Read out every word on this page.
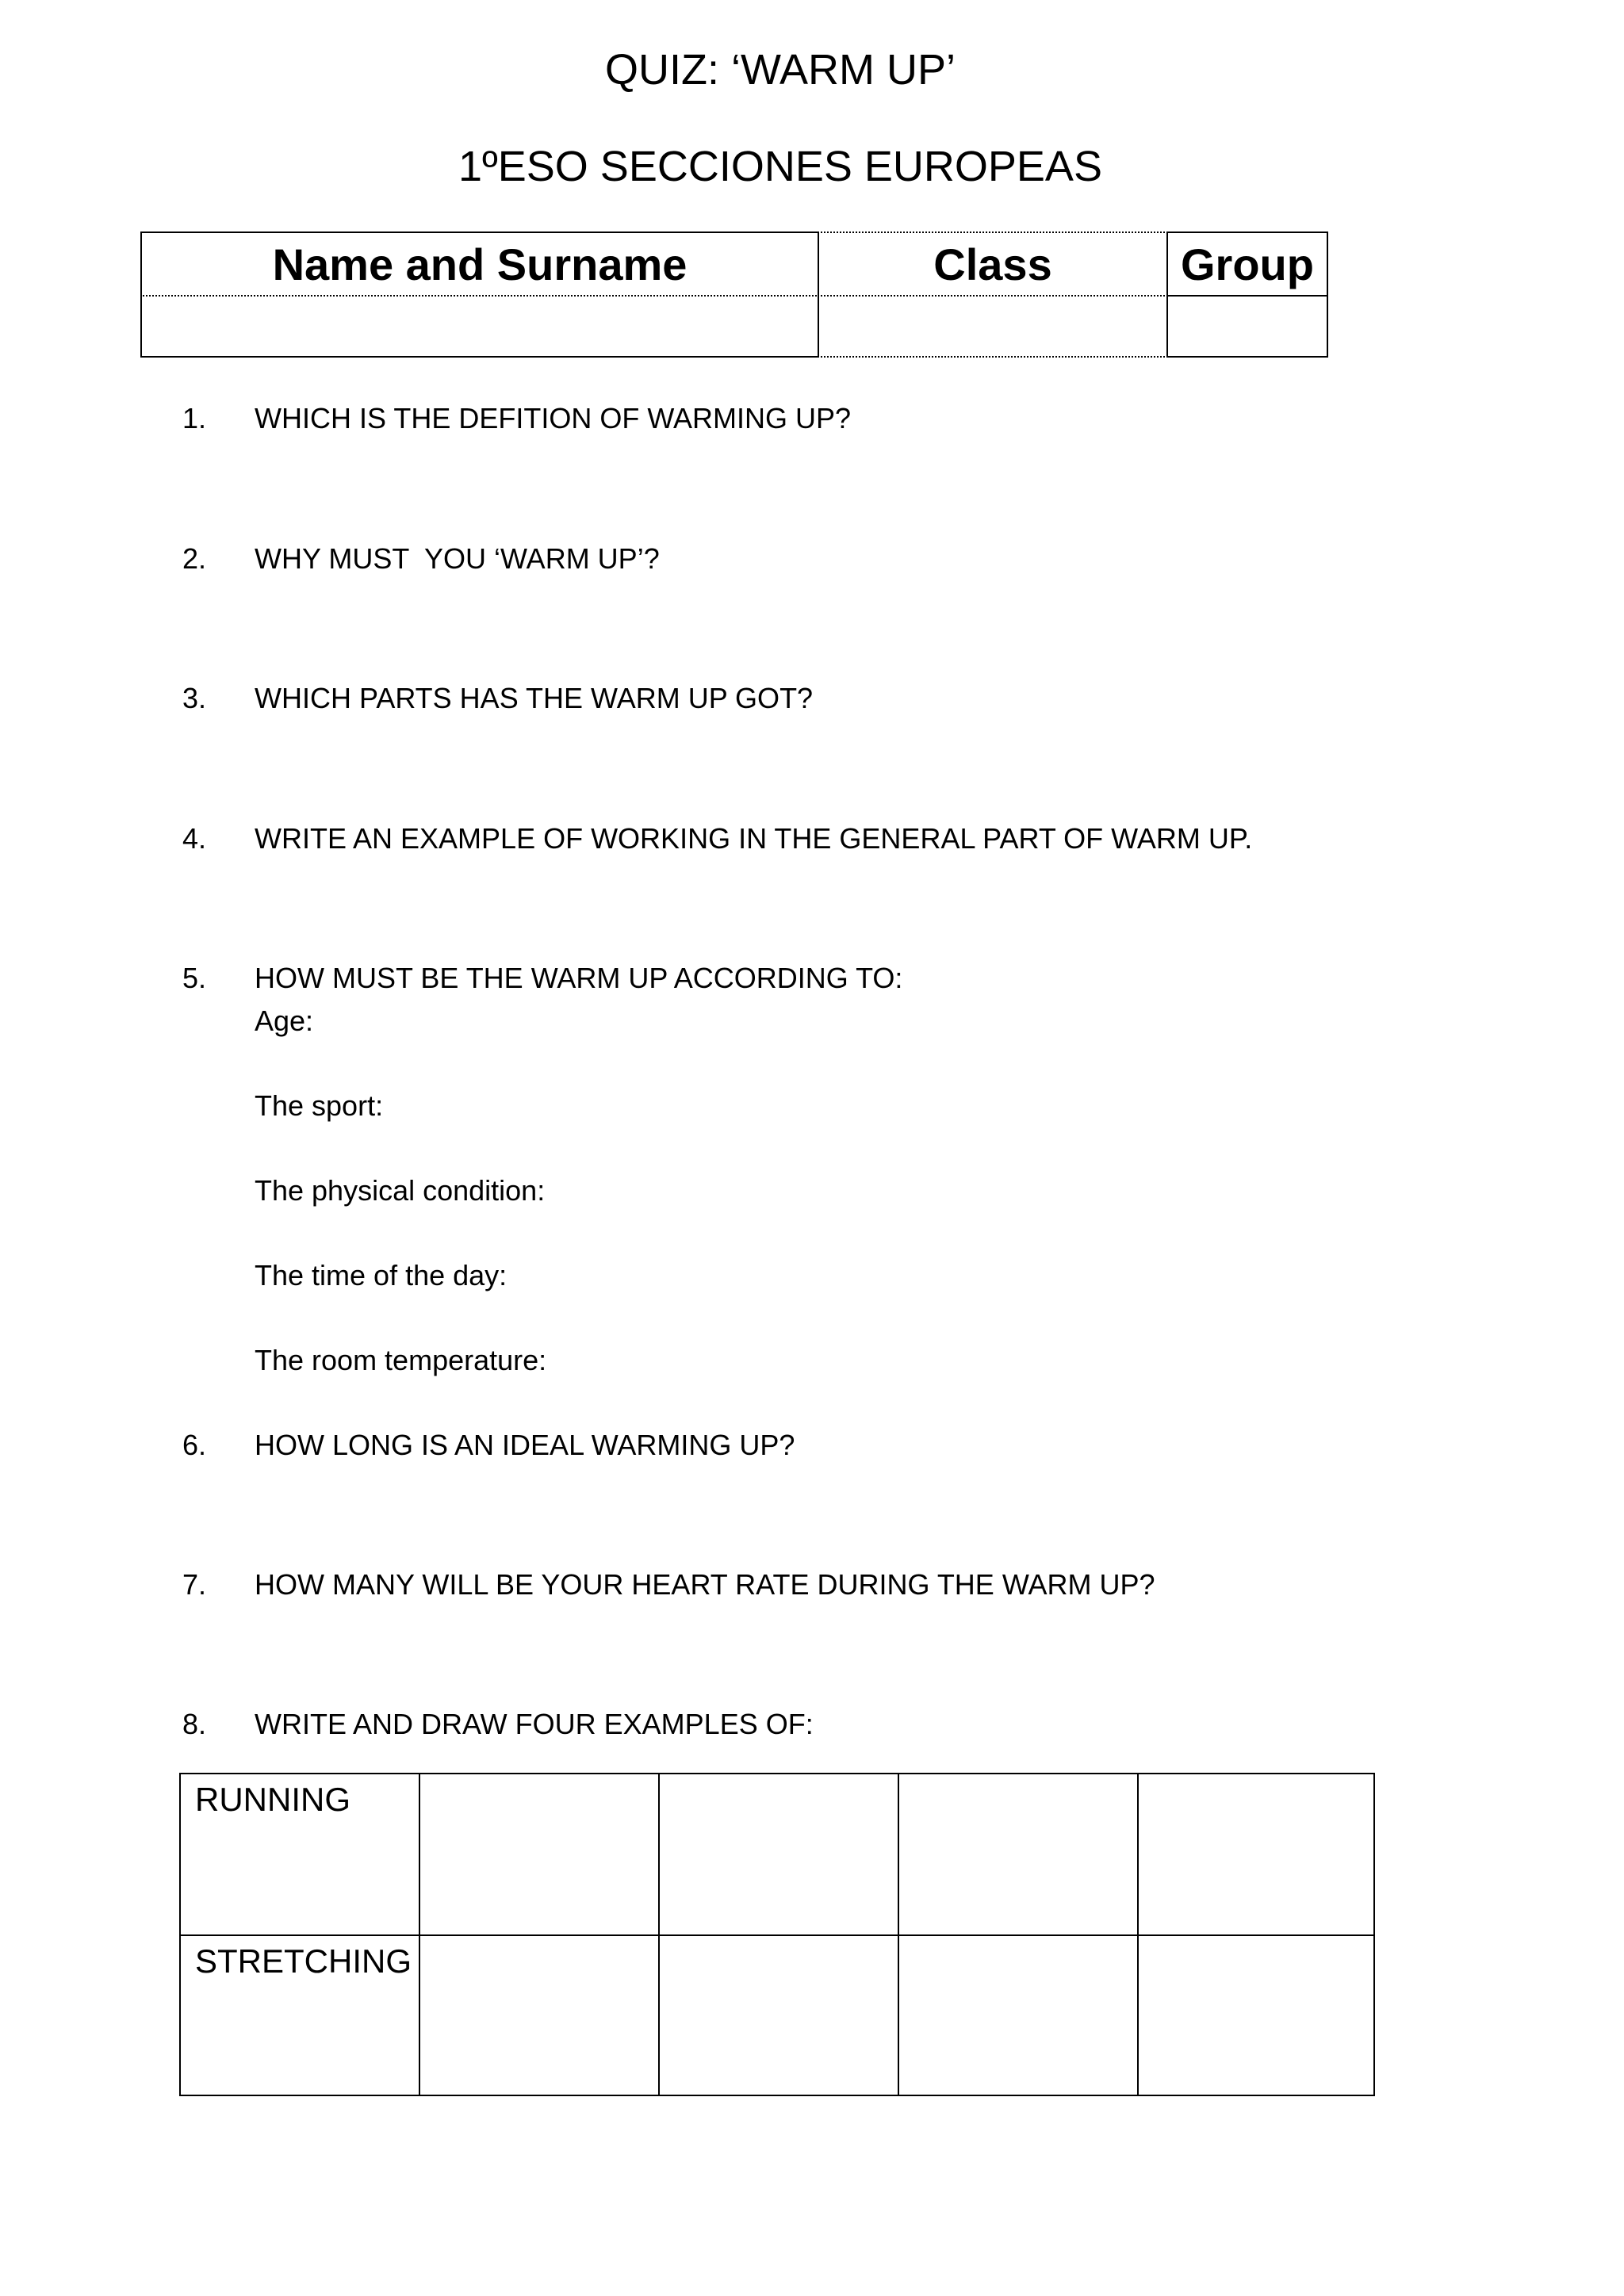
QUIZ: ‘WARM UP’
1ºESO SECCIONES EUROPEAS
Name and Surname	Class	Group
1. WHICH IS THE DEFITION OF WARMING UP?
2. WHY MUST  YOU ‘WARM UP’?
3. WHICH PARTS HAS THE WARM UP GOT?
4. WRITE AN EXAMPLE OF WORKING IN THE GENERAL PART OF WARM UP.
5. HOW MUST BE THE WARM UP ACCORDING TO:
Age:
The sport:
The physical condition:
The time of the day:
The room temperature:
6. HOW LONG IS AN IDEAL WARMING UP?
7. HOW MANY WILL BE YOUR HEART RATE DURING THE WARM UP?
8. WRITE AND DRAW FOUR EXAMPLES OF:
RUNNING
STRETCHING
